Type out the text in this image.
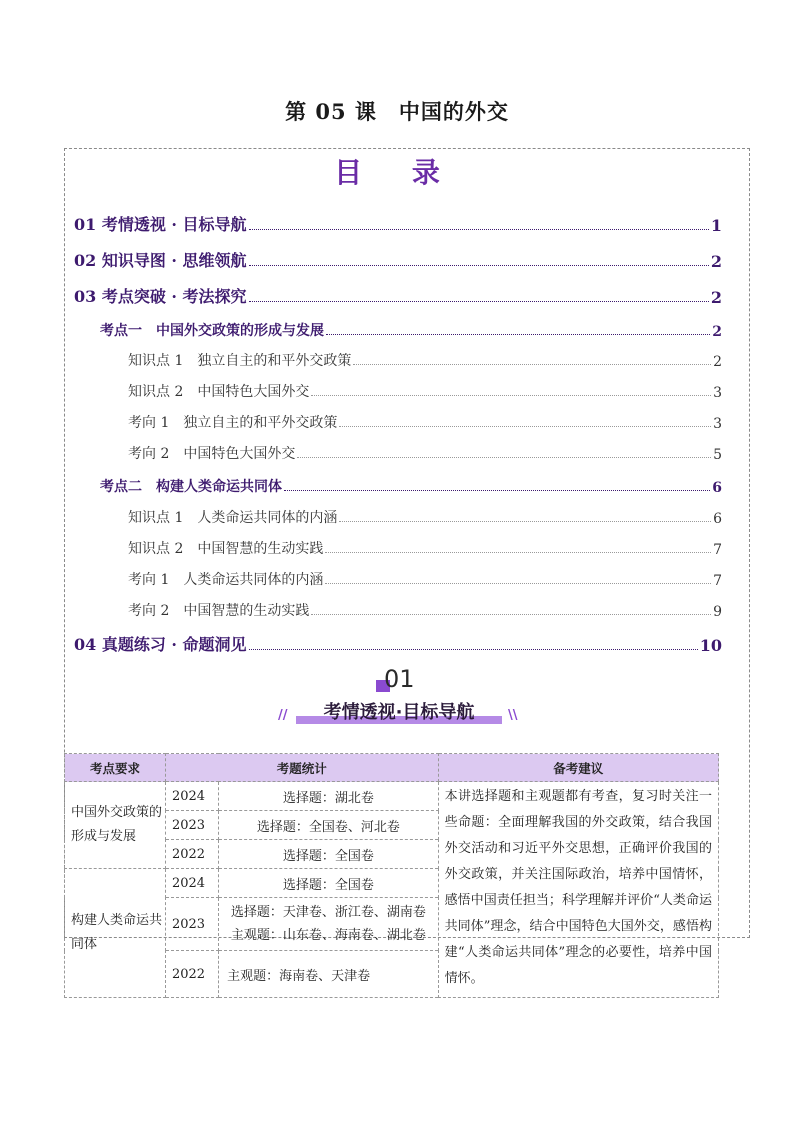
第 05 课　中国的外交
目 录
01 考情透视 · 目标导航	1
02 知识导图 · 思维领航	2
03 考点突破 · 考法探究	2
考点一　中国外交政策的形成与发展	2
知识点 1　独立自主的和平外交政策	2
知识点 2　中国特色大国外交	3
考向 1　独立自主的和平外交政策	3
考向 2　中国特色大国外交	5
考点二　构建人类命运共同体	6
知识点 1　人类命运共同体的内涵	6
知识点 2　中国智慧的生动实践	7
考向 1　人类命运共同体的内涵	7
考向 2　中国智慧的生动实践	9
04 真题练习 · 命题洞见	10
01
//	考情透视·目标导航	\\
考点要求	考题统计		备考建议
中国外交政策的形成与发展	2024	选择题：湖北卷	本讲选择题和主观题都有考查，复习时关注一些命题：全面理解我国的外交政策，结合我国外交活动和习近平外交思想，正确评价我国的外交政策，并关注国际政治，培养中国情怀，感悟中国责任担当；科学理解并评价“人类命运共同体”理念，结合中国特色大国外交，感悟构建“人类命运共同体”理念的必要性，培养中国情怀。
	2023	选择题：全国卷、河北卷	
	2022	选择题：全国卷	
构建人类命运共同体	2024	选择题：全国卷	
	2023	选择题：天津卷、浙江卷、湖南卷
主观题：山东卷、海南卷、湖北卷	

	2022	主观题：海南卷、天津卷	
